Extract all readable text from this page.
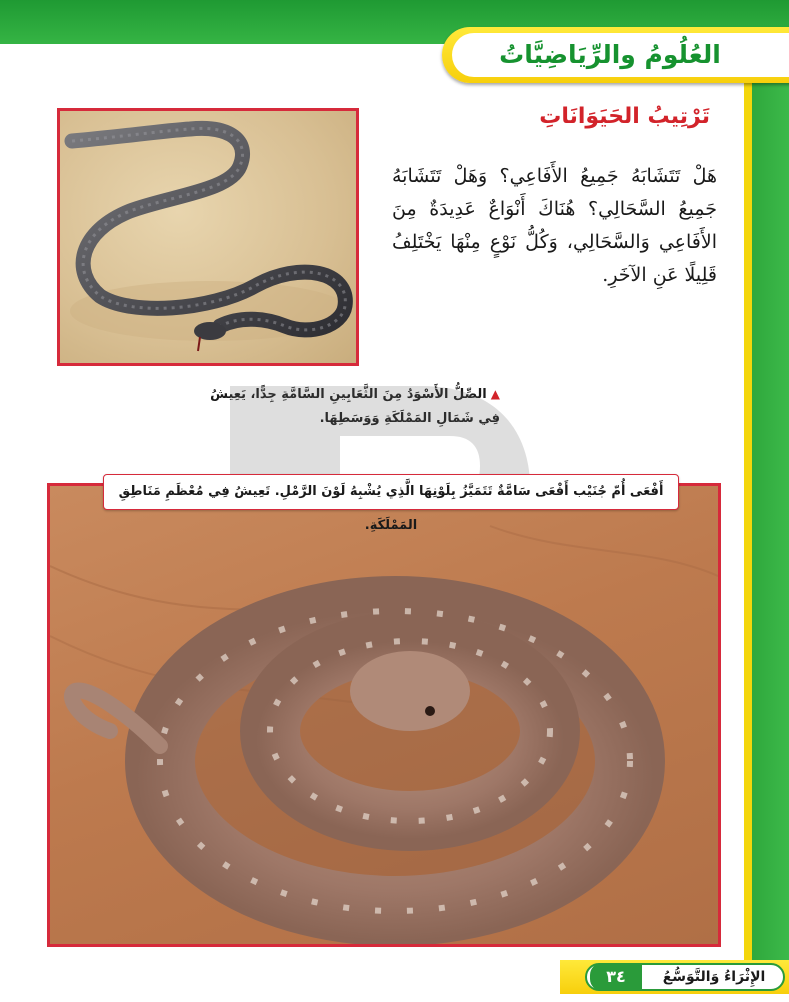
العُلُومُ والرِّيَاضِيَّاتُ
تَرْتِيبُ الحَيَوَانَاتِ
هَلْ تَتَشَابَهُ جَمِيعُ الأَفَاعِي؟ وَهَلْ تَتَشَابَهُ جَمِيعُ السَّحَالِي؟ هُنَاكَ أَنْوَاعٌ عَدِيدَةٌ مِنَ الأَفَاعِي وَالسَّحَالِي، وَكُلُّ نَوْعٍ مِنْهَا يَخْتَلِفُ قَلِيلًا عَنِ الآخَرِ.
▲الصِّلُّ الأَسْوَدُ مِنَ الثَّعَابِينِ السَّامَّةِ جِدًّا، يَعِيشُ فِي شَمَالِ المَمْلَكَةِ وَوَسَطِهَا.
أَفْعَى أُمّ جُنَيْب أَفْعَى سَامَّةٌ تَتَمَيَّزُ بِلَوْنِهَا الَّذِي يُشْبِهُ لَوْنَ الرَّمْلِ. تَعِيشُ فِي مُعْظَمِ مَنَاطِقِ المَمْلَكَةِ.
الإِثْرَاءُ وَالتَّوَسُّعُ
٣٤
